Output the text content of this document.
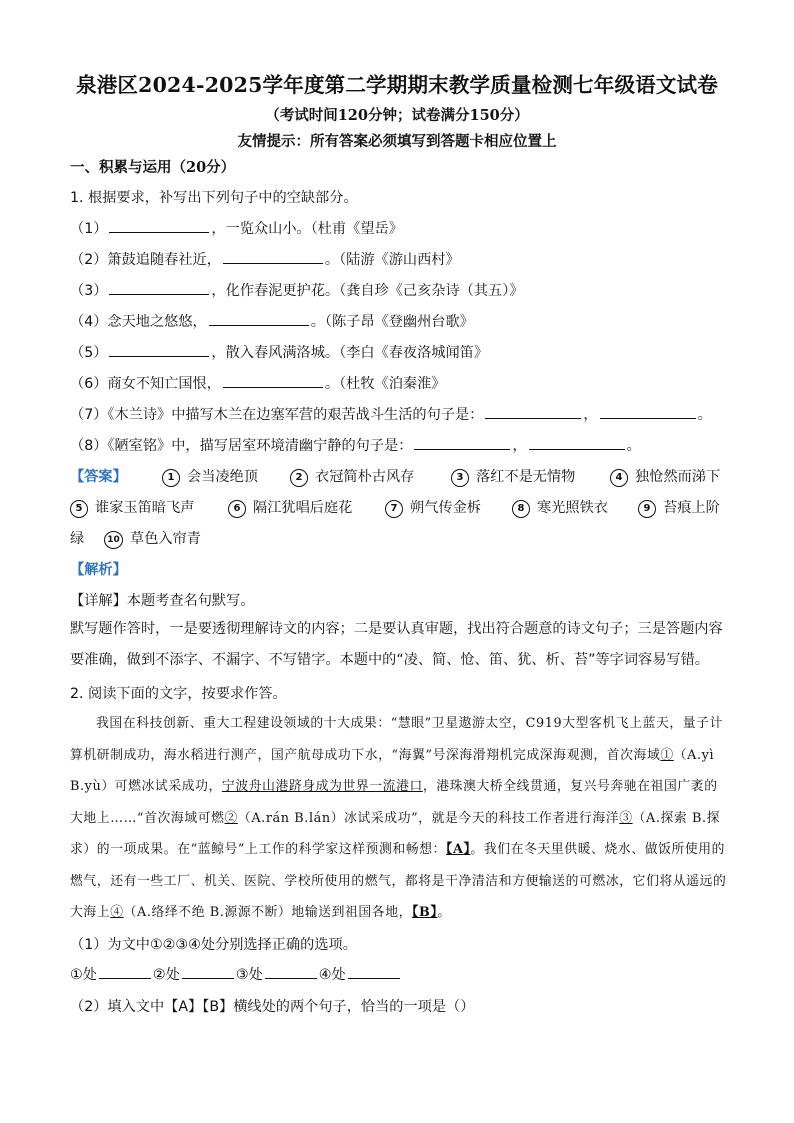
泉港区2024-2025学年度第二学期期末教学质量检测七年级语文试卷
（考试时间120分钟；试卷满分150分）
友情提示：所有答案必须填写到答题卡相应位置上
一、积累与运用（20分）
1. 根据要求，补写出下列句子中的空缺部分。
（1）	，一览众山小。（杜甫《望岳》
（2）箫鼓追随春社近，	。（陆游《游山西村》
（3）	，化作春泥更护花。（龚自珍《己亥杂诗（其五）》
（4）念天地之悠悠，	。（陈子昂《登幽州台歌》
（5）	，散入春风满洛城。（李白《春夜洛城闻笛》
（6）商女不知亡国恨，	。（杜牧《泊秦淮》
（7）《木兰诗》中描写木兰在边塞军营的艰苦战斗生活的句子是：	，	。
（8）《陋室铭》中，描写居室环境清幽宁静的句子是：	，	。
【答案】	1 会当凌绝顶	2 衣冠简朴古风存	3 落红不是无情物	4 独怆然而涕下
5 谁家玉笛暗飞声	6 隔江犹唱后庭花	7 朔气传金柝	8 寒光照铁衣	9 苔痕上阶
绿	10 草色入帘青
【解析】
【详解】本题考查名句默写。
默写题作答时，一是要透彻理解诗文的内容；二是要认真审题，找出符合题意的诗文句子；三是答题内容要准确，做到不添字、不漏字、不写错字。本题中的“凌、简、怆、笛、犹、析、苔”等字词容易写错。
2. 阅读下面的文字，按要求作答。
我国在科技创新、重大工程建设领域的十大成果：“慧眼”卫星遨游太空，C919大型客机飞上蓝天，量子计算机研制成功，海水稻进行测产，国产航母成功下水，“海翼”号深海滑翔机完成深海观测，首次海域①（A.yì B.yù）可燃冰试采成功，宁波舟山港跻身成为世界一流港口，港珠澳大桥全线贯通，复兴号奔驰在祖国广袤的大地上……“首次海域可燃②（A.rán B.lán）冰试采成功”，就是今天的科技工作者进行海洋③（A.探索 B.探求）的一项成果。在“蓝鲸号”上工作的科学家这样预测和畅想：【A】。我们在冬天里供暖、烧水、做饭所使用的燃气，还有一些工厂、机关、医院、学校所使用的燃气，都将是干净清洁和方便输送的可燃冰，它们将从遥远的大海上④（A.络绎不绝 B.源源不断）地输送到祖国各地，【B】。
（1）为文中①②③④处分别选择正确的选项。
①处	②处	③处	④处
（2）填入文中【A】【B】横线处的两个句子，恰当的一项是（）
